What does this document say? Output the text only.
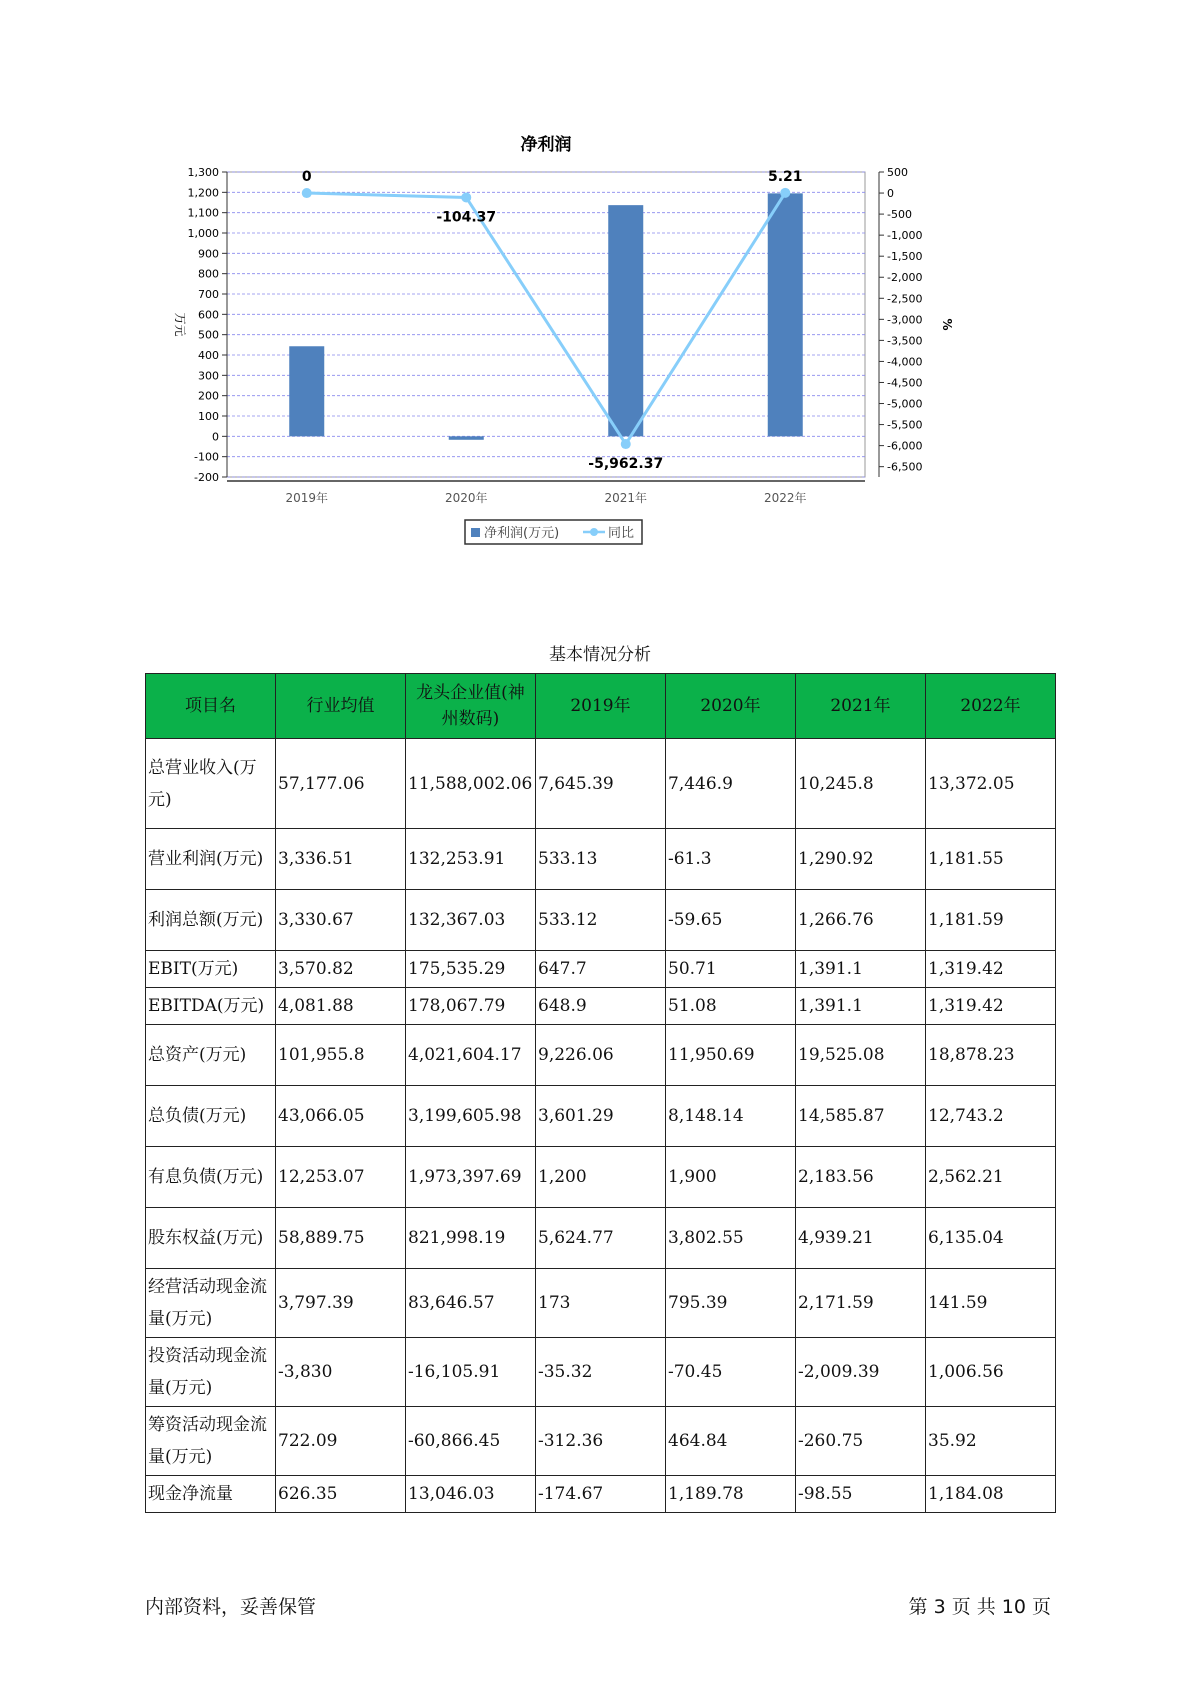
净利润
1,300
1,200
1,100
1,000
900
800
700
600
500
400
300
200
100
0
-100
-200
500
0
-500
-1,000
-1,500
-2,000
-2,500
-3,000
-3,500
-4,000
-4,500
-5,000
-5,500
-6,000
-6,500
万元	%
2019年	2020年	2021年	2022年
0
-104.37
-5,962.37
5.21
净利润(万元)	同比
基本情况分析
项目名	行业均值	龙头企业值(神州数码)	2019年	2020年	2021年	2022年
总营业收入(万元)	57,177.06	11,588,002.06	7,645.39	7,446.9	10,245.8	13,372.05
营业利润(万元)	3,336.51	132,253.91	533.13	-61.3	1,290.92	1,181.55
利润总额(万元)	3,330.67	132,367.03	533.12	-59.65	1,266.76	1,181.59
EBIT(万元)	3,570.82	175,535.29	647.7	50.71	1,391.1	1,319.42
EBITDA(万元)	4,081.88	178,067.79	648.9	51.08	1,391.1	1,319.42
总资产(万元)	101,955.8	4,021,604.17	9,226.06	11,950.69	19,525.08	18,878.23
总负债(万元)	43,066.05	3,199,605.98	3,601.29	8,148.14	14,585.87	12,743.2
有息负债(万元)	12,253.07	1,973,397.69	1,200	1,900	2,183.56	2,562.21
股东权益(万元)	58,889.75	821,998.19	5,624.77	3,802.55	4,939.21	6,135.04
经营活动现金流量(万元)	3,797.39	83,646.57	173	795.39	2,171.59	141.59
投资活动现金流量(万元)	-3,830	-16,105.91	-35.32	-70.45	-2,009.39	1,006.56
筹资活动现金流量(万元)	722.09	-60,866.45	-312.36	464.84	-260.75	35.92
现金净流量	626.35	13,046.03	-174.67	1,189.78	-98.55	1,184.08
内部资料，妥善保管	第 3 页 共 10 页
